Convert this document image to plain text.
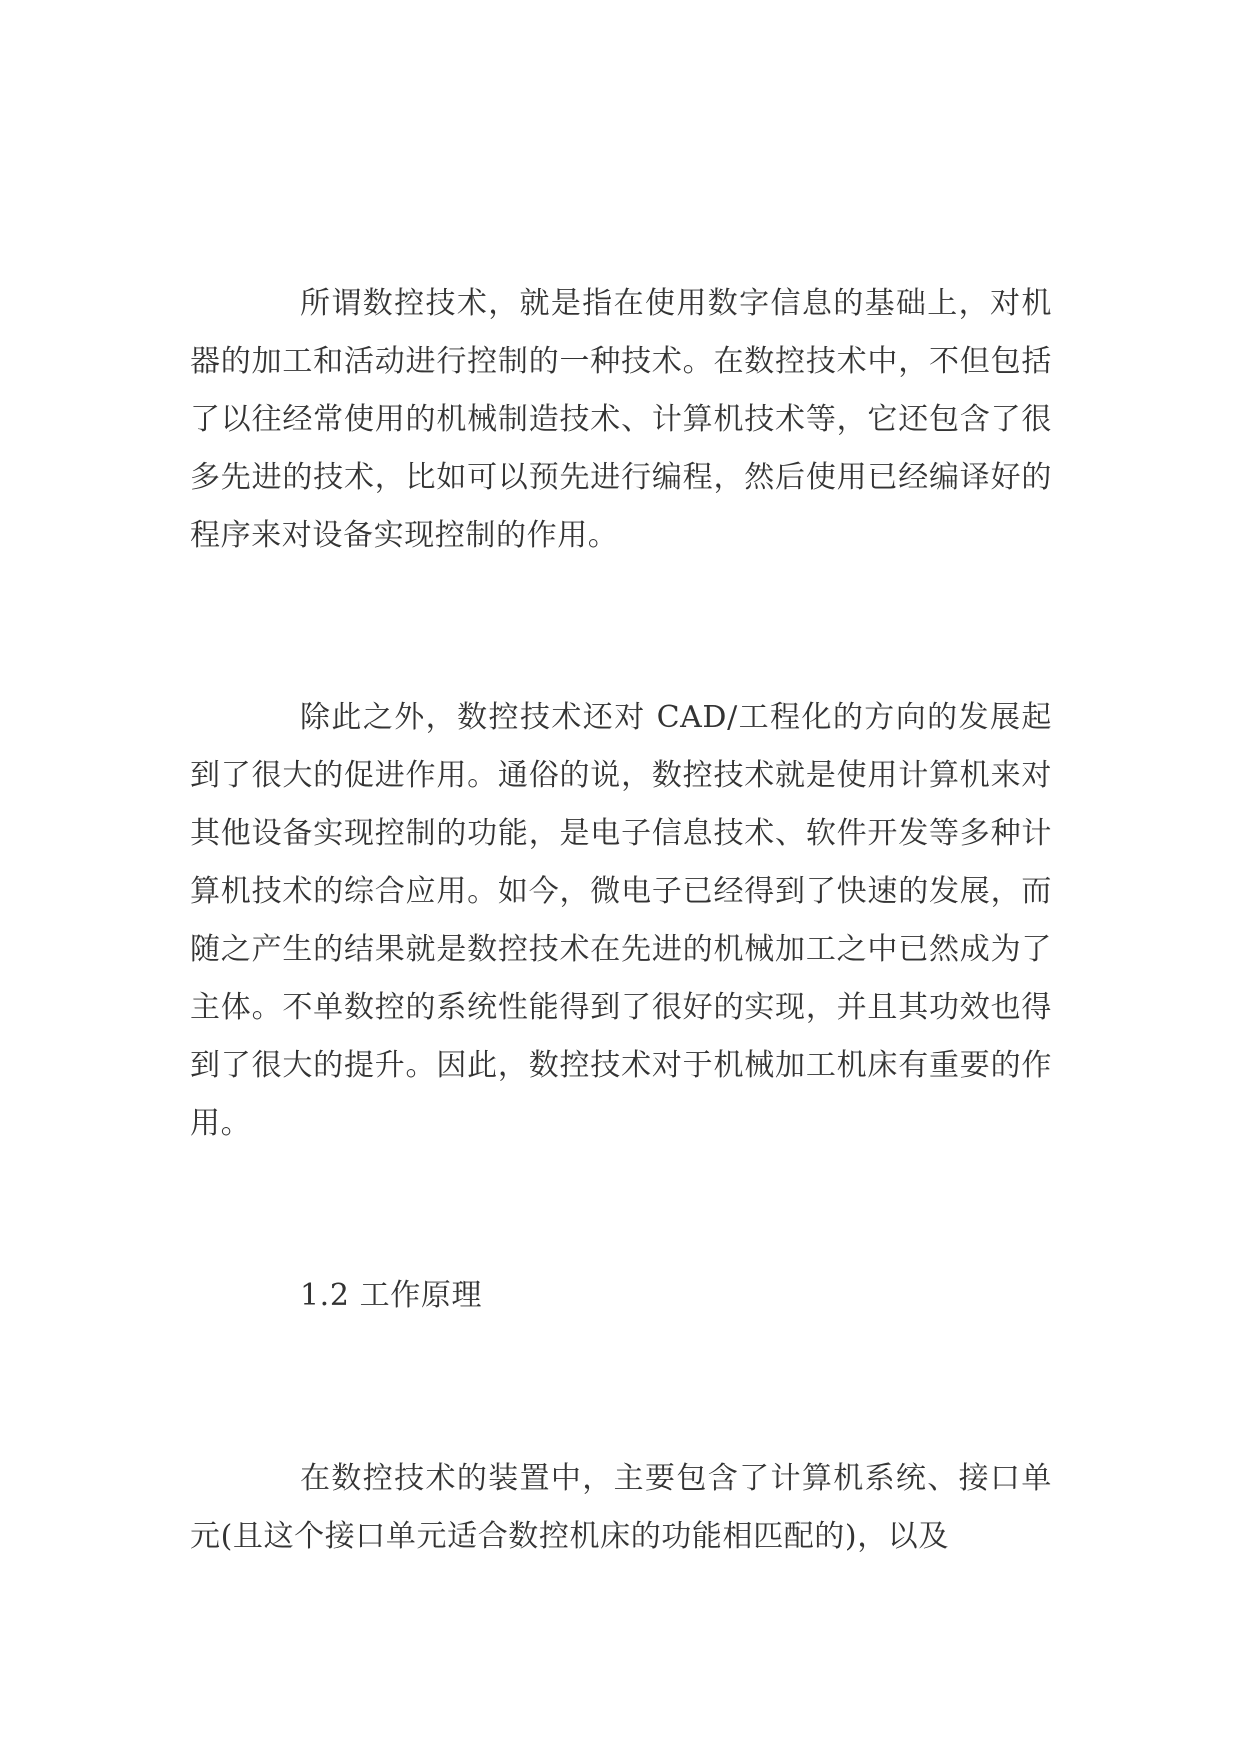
所谓数控技术，就是指在使用数字信息的基础上，对机器的加工和活动进行控制的一种技术。在数控技术中，不但包括了以往经常使用的机械制造技术、计算机技术等，它还包含了很多先进的技术，比如可以预先进行编程，然后使用已经编译好的程序来对设备实现控制的作用。

除此之外，数控技术还对 CAD/工程化的方向的发展起到了很大的促进作用。通俗的说，数控技术就是使用计算机来对其他设备实现控制的功能，是电子信息技术、软件开发等多种计算机技术的综合应用。如今，微电子已经得到了快速的发展，而随之产生的结果就是数控技术在先进的机械加工之中已然成为了主体。不单数控的系统性能得到了很好的实现，并且其功效也得到了很大的提升。因此，数控技术对于机械加工机床有重要的作用。

1.2 工作原理

在数控技术的装置中，主要包含了计算机系统、接口单元(且这个接口单元适合数控机床的功能相匹配的)，以及
